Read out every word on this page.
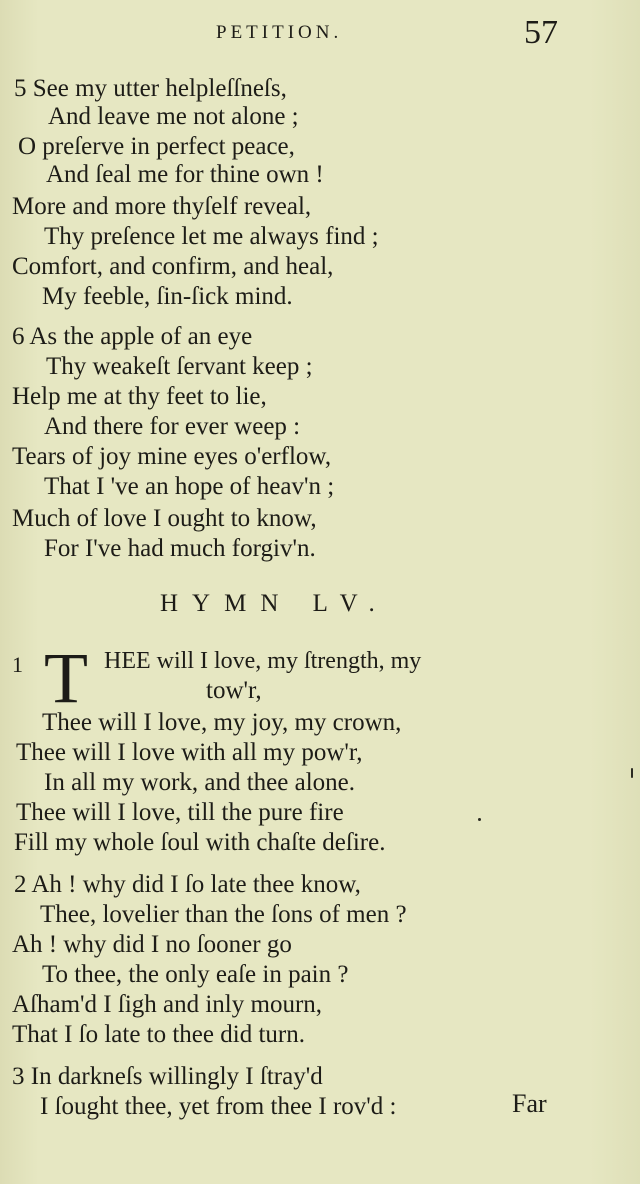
PETITION.	57
5 See my utter helpleſſneſs,
And leave me not alone ;
O preſerve in perfect peace,
And ſeal me for thine own !
More and more thyſelf reveal,
Thy preſence let me always find ;
Comfort, and confirm, and heal,
My feeble, ſin-ſick mind.
6 As the apple of an eye
Thy weakeſt ſervant keep ;
Help me at thy feet to lie,
And there for ever weep :
Tears of joy mine eyes o'erflow,
That I 've an hope of heav'n ;
Much of love I ought to know,
For I've had much forgiv'n.
HYMN LV.
1 T HEE will I love, my ſtrength, my
tow'r,
Thee will I love, my joy, my crown,
Thee will I love with all my pow'r,
In all my work, and thee alone.
Thee will I love, till the pure fire
Fill my whole ſoul with chaſte deſire.
2 Ah ! why did I ſo late thee know,
Thee, lovelier than the ſons of men ?
Ah ! why did I no ſooner go
To thee, the only eaſe in pain ?
Aſham'd I ſigh and inly mourn,
That I ſo late to thee did turn.
3 In darkneſs willingly I ſtray'd
I ſought thee, yet from thee I rov'd :	Far
